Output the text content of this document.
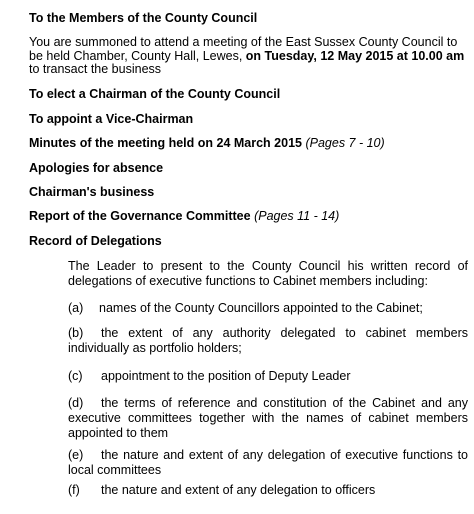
To the Members of the County Council
You are summoned to attend a meeting of the East Sussex County Council to be held Chamber, County Hall, Lewes, on Tuesday, 12 May 2015 at 10.00 am to transact the business
To elect a Chairman of the County Council
To appoint a Vice-Chairman
Minutes of the meeting held on 24 March 2015 (Pages 7 - 10)
Apologies for absence
Chairman's business
Report of the Governance Committee (Pages 11 - 14)
Record of Delegations
The Leader to present to the County Council his written record of delegations of executive functions to Cabinet members including:
(a) names of the County Councillors appointed to the Cabinet;
(b) the extent of any authority delegated to cabinet members individually as portfolio holders;
(c) appointment to the position of Deputy Leader
(d) the terms of reference and constitution of the Cabinet and any executive committees together with the names of cabinet members appointed to them
(e) the nature and extent of any delegation of executive functions to local committees
(f) the nature and extent of any delegation to officers
